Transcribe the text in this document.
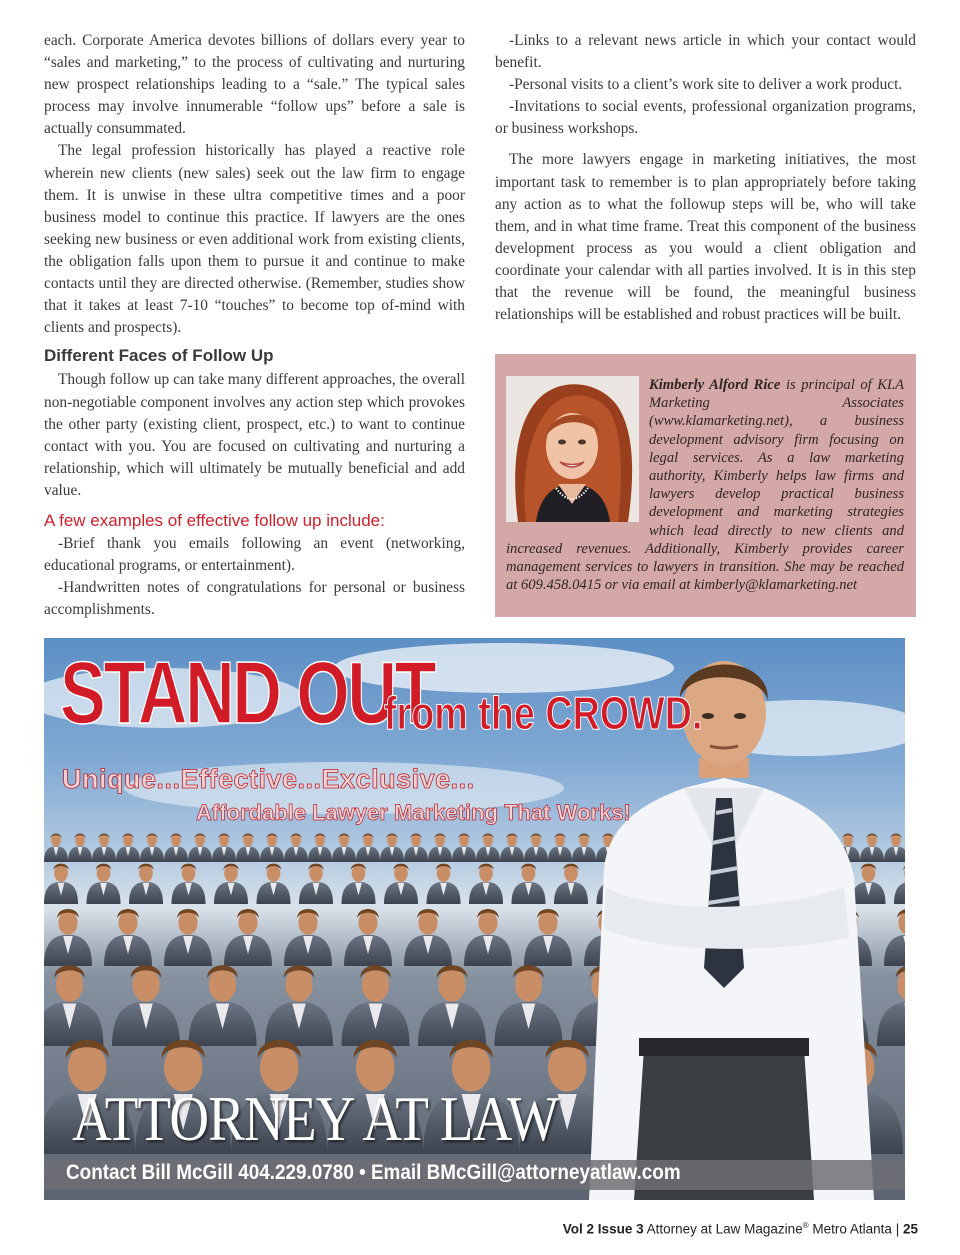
each. Corporate America devotes billions of dollars every year to “sales and marketing,” to the process of cultivating and nurturing new prospect relationships leading to a “sale.” The typical sales process may involve innumerable “follow ups” before a sale is actually consummated.

The legal profession historically has played a reactive role wherein new clients (new sales) seek out the law firm to engage them. It is unwise in these ultra competitive times and a poor business model to continue this practice. If lawyers are the ones seeking new business or even additional work from existing clients, the obligation falls upon them to pursue it and continue to make contacts until they are directed otherwise. (Remember, studies show that it takes at least 7-10 “touches” to become top of-mind with clients and prospects).

Different Faces of Follow Up

Though follow up can take many different approaches, the overall non-negotiable component involves any action step which provokes the other party (existing client, prospect, etc.) to want to continue contact with you. You are focused on cultivating and nurturing a relationship, which will ultimately be mutually beneficial and add value.

A few examples of effective follow up include:

-Brief thank you emails following an event (networking, educational programs, or entertainment).

-Handwritten notes of congratulations for personal or business accomplishments.

-Links to a relevant news article in which your contact would benefit.

-Personal visits to a client’s work site to deliver a work product.

-Invitations to social events, professional organization programs, or business workshops.

The more lawyers engage in marketing initiatives, the most important task to remember is to plan appropriately before taking any action as to what the followup steps will be, who will take them, and in what time frame. Treat this component of the business development process as you would a client obligation and coordinate your calendar with all parties involved. It is in this step that the revenue will be found, the meaningful business relationships will be established and robust practices will be built.

Kimberly Alford Rice is principal of KLA Marketing Associates (www.klamarketing.net), a business development advisory firm focusing on legal services. As a law marketing authority, Kimberly helps law firms and lawyers develop practical business development and marketing strategies which lead directly to new clients and increased revenues. Additionally, Kimberly provides career management services to lawyers in transition. She may be reached at 609.458.0415 or via email at kimberly@klamarketing.net
STAND OUT
from the CROWD.
Unique...Effective...Exclusive...
Affordable Lawyer Marketing That Works!
ATTORNEY AT LAW
Contact Bill McGill 404.229.0780 • Email BMcGill@attorneyatlaw.com
Vol 2 Issue 3 Attorney at Law Magazine® Metro Atlanta | 25
